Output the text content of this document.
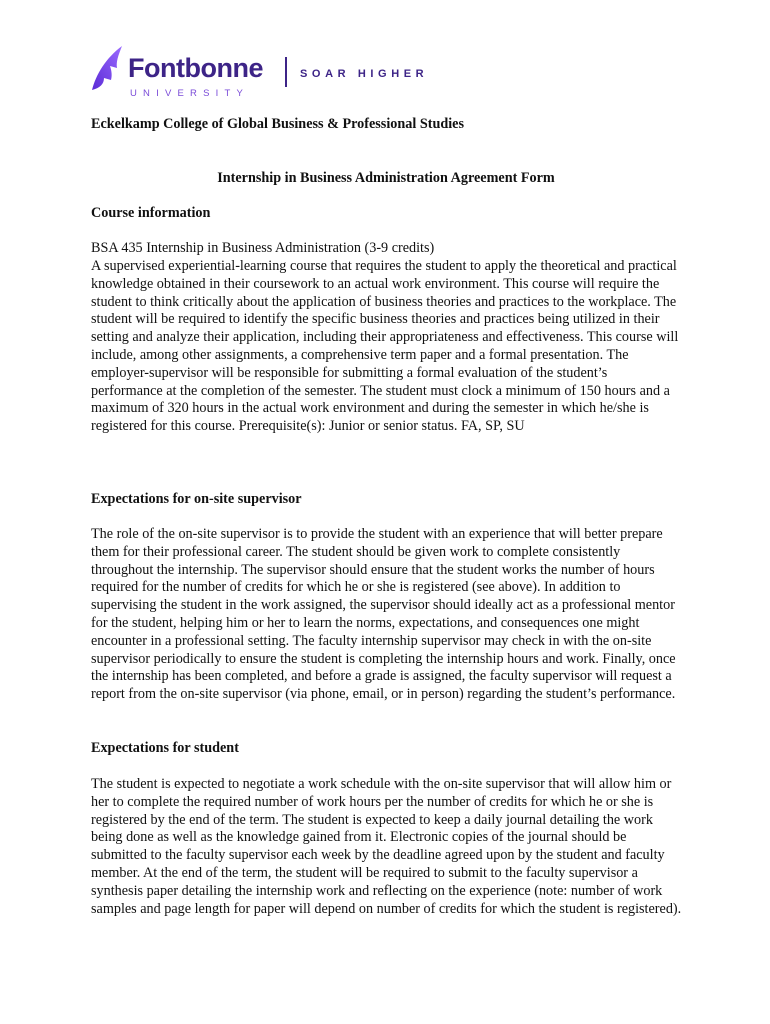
Fontbonne
UNIVERSITY
SOAR HIGHER

Eckelkamp College of Global Business & Professional Studies

Internship in Business Administration Agreement Form

Course information

BSA 435 Internship in Business Administration (3-9 credits)

A supervised experiential-learning course that requires the student to apply the theoretical and practical knowledge obtained in their coursework to an actual work environment. This course will require the student to think critically about the application of business theories and practices to the workplace. The student will be required to identify the specific business theories and practices being utilized in their setting and analyze their application, including their appropriateness and effectiveness. This course will include, among other assignments, a comprehensive term paper and a formal presentation. The employer-supervisor will be responsible for submitting a formal evaluation of the student’s performance at the completion of the semester. The student must clock a minimum of 150 hours and a maximum of 320 hours in the actual work environment and during the semester in which he/she is registered for this course. Prerequisite(s): Junior or senior status. FA, SP, SU

Expectations for on-site supervisor

The role of the on-site supervisor is to provide the student with an experience that will better prepare them for their professional career. The student should be given work to complete consistently throughout the internship. The supervisor should ensure that the student works the number of hours required for the number of credits for which he or she is registered (see above). In addition to supervising the student in the work assigned, the supervisor should ideally act as a professional mentor for the student, helping him or her to learn the norms, expectations, and consequences one might encounter in a professional setting. The faculty internship supervisor may check in with the on-site supervisor periodically to ensure the student is completing the internship hours and work. Finally, once the internship has been completed, and before a grade is assigned, the faculty supervisor will request a report from the on-site supervisor (via phone, email, or in person) regarding the student’s performance.

Expectations for student

The student is expected to negotiate a work schedule with the on-site supervisor that will allow him or her to complete the required number of work hours per the number of credits for which he or she is registered by the end of the term. The student is expected to keep a daily journal detailing the work being done as well as the knowledge gained from it. Electronic copies of the journal should be submitted to the faculty supervisor each week by the deadline agreed upon by the student and faculty member. At the end of the term, the student will be required to submit to the faculty supervisor a synthesis paper detailing the internship work and reflecting on the experience (note: number of work samples and page length for paper will depend on number of credits for which the student is registered).
